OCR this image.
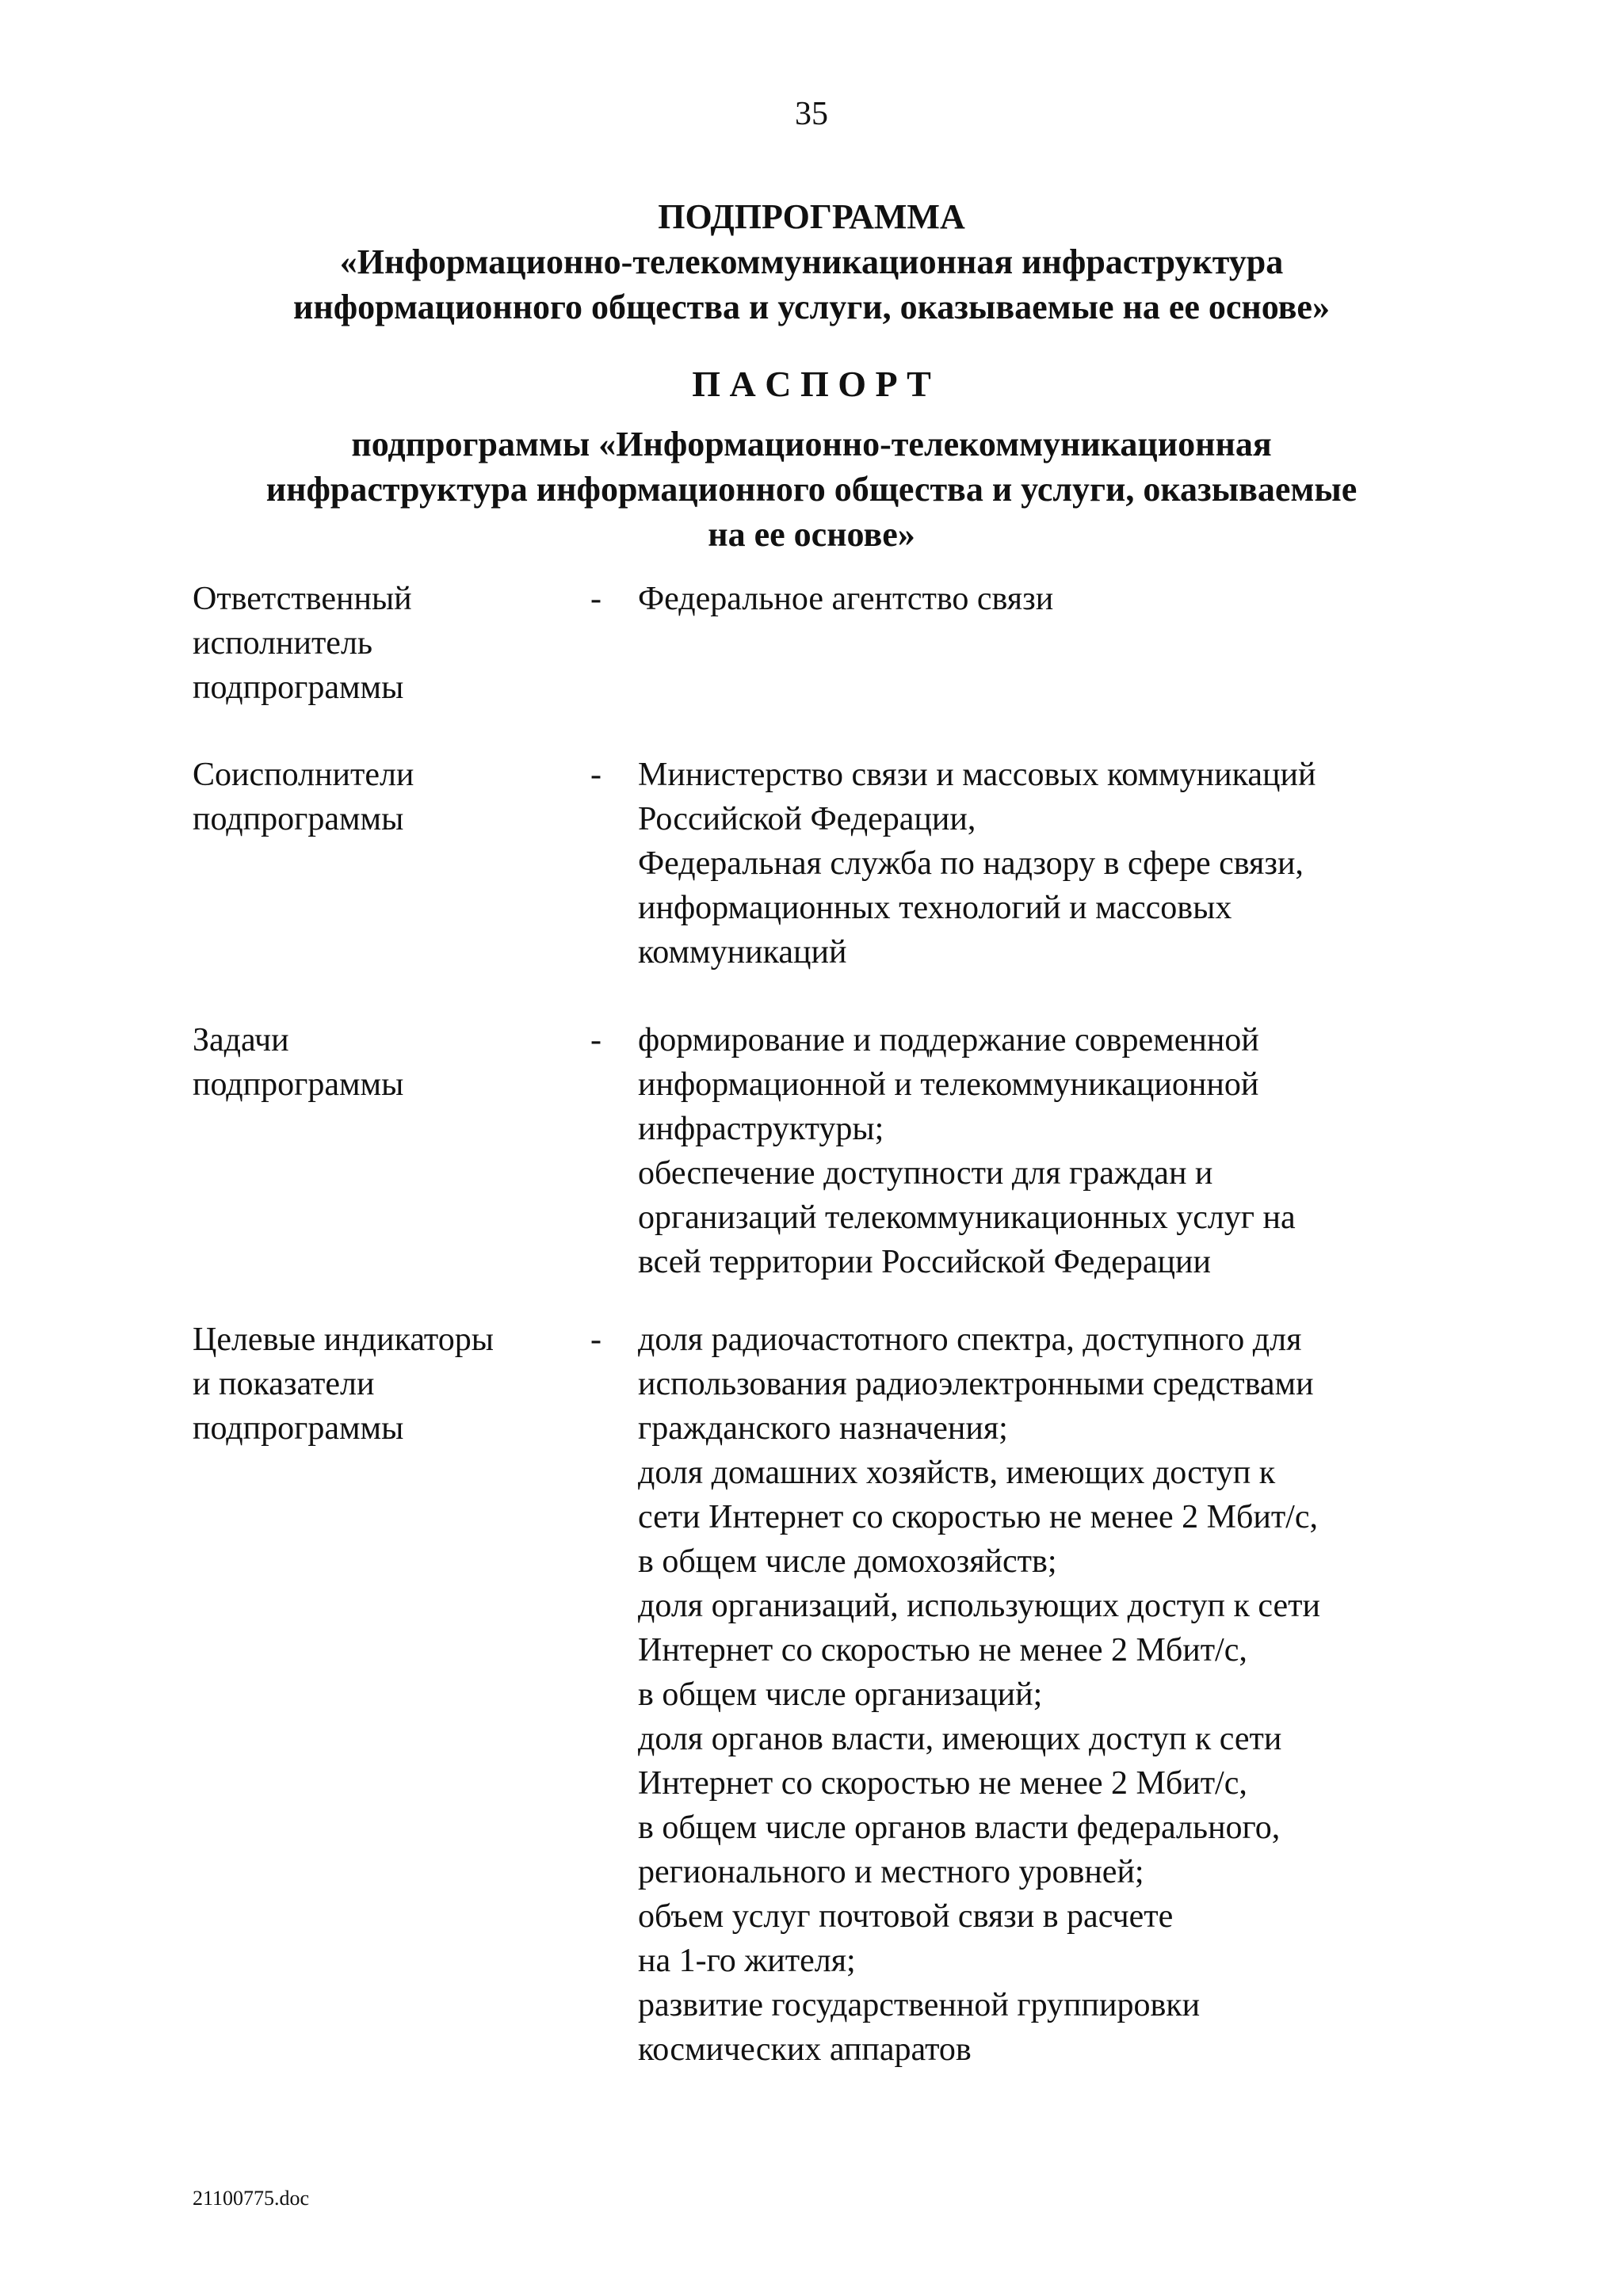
35
ПОДПРОГРАММА
«Информационно-телекоммуникационная инфраструктура
информационного общества и услуги, оказываемые на ее основе»
П А С П О Р Т
подпрограммы «Информационно-телекоммуникационная
инфраструктура информационного общества и услуги, оказываемые
на ее основе»
Ответственный
исполнитель
подпрограммы
- Федеральное агентство связи
Соисполнители
подпрограммы
- Министерство связи и массовых коммуникаций
Российской Федерации,
Федеральная служба по надзору в сфере связи,
информационных технологий и массовых
коммуникаций
Задачи
подпрограммы
- формирование и поддержание современной
информационной и телекоммуникационной
инфраструктуры;
обеспечение доступности для граждан и
организаций телекоммуникационных услуг на
всей территории Российской Федерации
Целевые индикаторы
и показатели
подпрограммы
- доля радиочастотного спектра, доступного для
использования радиоэлектронными средствами
гражданского назначения;
доля домашних хозяйств, имеющих доступ к
сети Интернет со скоростью не менее 2 Мбит/с,
в общем числе домохозяйств;
доля организаций, использующих доступ к сети
Интернет со скоростью не менее 2 Мбит/с,
в общем числе организаций;
доля органов власти, имеющих доступ к сети
Интернет со скоростью не менее 2 Мбит/с,
в общем числе органов власти федерального,
регионального и местного уровней;
объем услуг почтовой связи в расчете
на 1-го жителя;
развитие государственной группировки
космических аппаратов
21100775.doc
